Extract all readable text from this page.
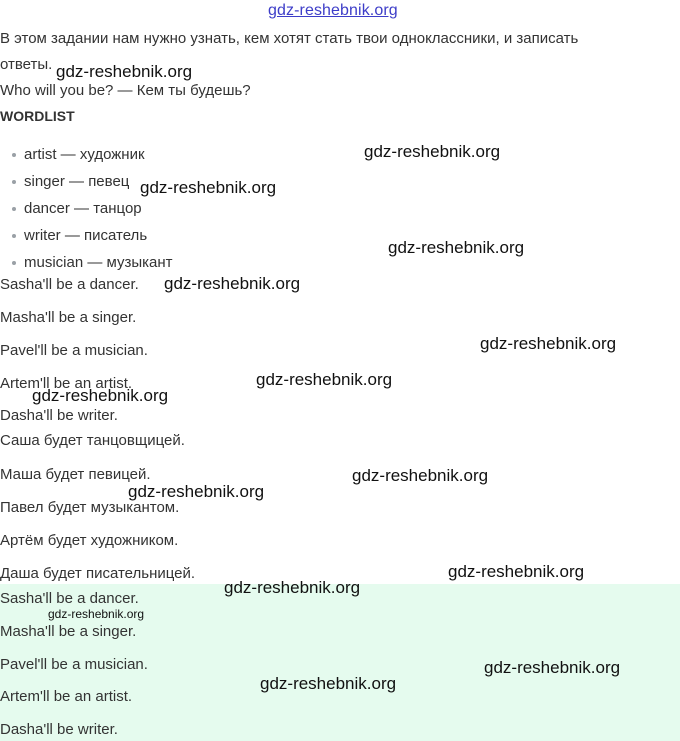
gdz-reshebnik.org
В этом задании нам нужно узнать, кем хотят стать твои одноклассники, и записать
ответы.
Who will you be? — Кем ты будешь?
WORDLIST
artist — художник
singer — певец
dancer — танцор
writer — писатель
musician — музыкант
Sasha'll be a dancer.
Masha'll be a singer.
Pavel'll be a musician.
Artem'll be an artist.
Dasha'll be writer.
Саша будет танцовщицей.
Маша будет певицей.
Павел будет музыкантом.
Артём будет художником.
Даша будет писательницей.
Sasha'll be a dancer.
Masha'll be a singer.
Pavel'll be a musician.
Artem'll be an artist.
Dasha'll be writer.
gdz-reshebnik.org
gdz-reshebnik.org
gdz-reshebnik.org
gdz-reshebnik.org
gdz-reshebnik.org
gdz-reshebnik.org
gdz-reshebnik.org
gdz-reshebnik.org
gdz-reshebnik.org
gdz-reshebnik.org
gdz-reshebnik.org
gdz-reshebnik.org
gdz-reshebnik.org
gdz-reshebnik.org
gdz-reshebnik.org
